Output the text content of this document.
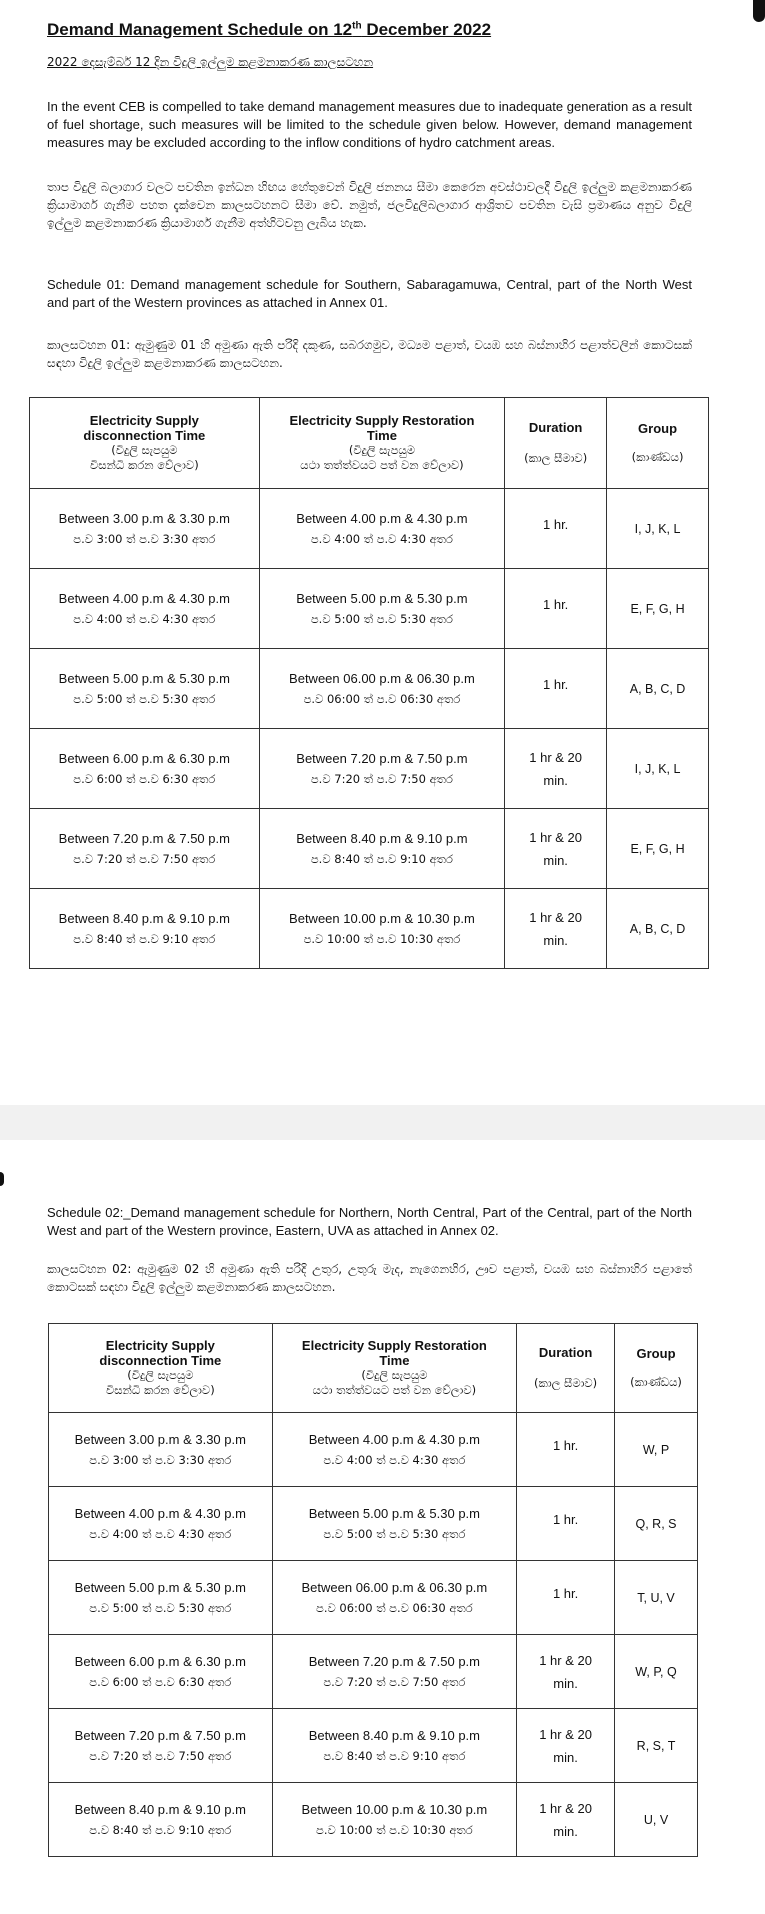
Demand Management Schedule on 12th December 2022
2022 දෙසැම්බර් 12 දින විදුලි ඉල්ලුම කළමනාකරණ කාලසටහන
In the event CEB is compelled to take demand management measures due to inadequate generation as a result of fuel shortage, such measures will be limited to the schedule given below. However, demand management measures may be excluded according to the inflow conditions of hydro catchment areas.
තාප විදුලි බලාගාර වලට පවතින ඉන්ධන හිඟය හේතුවෙන් විදුලි ජනනය සීමා කෙරෙන අවස්ථාවලදී විදුලි ඉල්ලුම කළමනාකරණ ක්‍රියාමාර්ග ගැනීම පහත දැක්වෙන කාලසටහනට සීමා වේ. නමුත්, ජලවිදුලිබලාගාර ආශ්‍රිතව පවතින වැසි ප්‍රමාණය අනුව විදුලි ඉල්ලුම කළමනාකරණ ක්‍රියාමාර්ග ගැනීම අත්හිටවනු ලැබිය හැක.
Schedule 01: Demand management schedule for Southern, Sabaragamuwa, Central, part of the North West and part of the Western provinces as attached in Annex 01.
කාලසටහන 01: ඇමුණුම 01 හි අමුණා ඇති පරිදි දකුණ, සබරගමුව, මධ්‍යම පළාත්, වයඹ සහ බස්නාහිර පළාත්වලින් කොටසක් සඳහා විදුලි ඉල්ලුම කළමනාකරණ කාලසටහන.
Electricity Supply
disconnection Time
(විදුලි සැපයුම
විසන්ධි කරන වේලාව)	Electricity Supply Restoration
Time
(විදුලි සැපයුම
යථා තත්ත්වයට පත් වන වේලාව)	Duration
(කාල සීමාව)	Group
(කාණ්ඩය)

Between 3.00 p.m & 3.30 p.m
ප.ව 3:00 ත් ප.ව 3:30 අතර	Between 4.00 p.m & 4.30 p.m
ප.ව 4:00 ත් ප.ව 4:30 අතර	1 hr.	I, J, K, L

Between 4.00 p.m & 4.30 p.m
ප.ව 4:00 ත් ප.ව 4:30 අතර	Between 5.00 p.m & 5.30 p.m
ප.ව 5:00 ත් ප.ව 5:30 අතර	1 hr.	E, F, G, H

Between 5.00 p.m & 5.30 p.m
ප.ව 5:00 ත් ප.ව 5:30 අතර	Between 06.00 p.m & 06.30 p.m
ප.ව 06:00 ත් ප.ව 06:30 අතර	1 hr.	A, B, C, D

Between 6.00 p.m & 6.30 p.m
ප.ව 6:00 ත් ප.ව 6:30 අතර	Between 7.20 p.m & 7.50 p.m
ප.ව 7:20 ත් ප.ව 7:50 අතර	1 hr & 20
min.	I, J, K, L

Between 7.20 p.m & 7.50 p.m
ප.ව 7:20 ත් ප.ව 7:50 අතර	Between 8.40 p.m & 9.10 p.m
ප.ව 8:40 ත් ප.ව 9:10 අතර	1 hr & 20
min.	E, F, G, H

Between 8.40 p.m & 9.10 p.m
ප.ව 8:40 ත් ප.ව 9:10 අතර	Between 10.00 p.m & 10.30 p.m
ප.ව 10:00 ත් ප.ව 10:30 අතර	1 hr & 20
min.	A, B, C, D
Schedule 02:_Demand management schedule for Northern, North Central, Part of the Central, part of the North West and part of the Western province, Eastern, UVA as attached in Annex 02.
කාලසටහන 02: ඇමුණුම 02 හි අමුණා ඇති පරිදි උතුර, උතුරු මැද, නැගෙනහිර, ඌව පළාත්, වයඹ සහ බස්නාහිර පළාතේ කොටසක් සඳහා විදුලි ඉල්ලුම කළමනාකරණ කාලසටහන.
Electricity Supply
disconnection Time
(විදුලි සැපයුම
විසන්ධි කරන වේලාව)	Electricity Supply Restoration
Time
(විදුලි සැපයුම
යථා තත්ත්වයට පත් වන වේලාව)	Duration
(කාල සීමාව)	Group
(කාණ්ඩය)

Between 3.00 p.m & 3.30 p.m
ප.ව 3:00 ත් ප.ව 3:30 අතර	Between 4.00 p.m & 4.30 p.m
ප.ව 4:00 ත් ප.ව 4:30 අතර	1 hr.	W, P

Between 4.00 p.m & 4.30 p.m
ප.ව 4:00 ත් ප.ව 4:30 අතර	Between 5.00 p.m & 5.30 p.m
ප.ව 5:00 ත් ප.ව 5:30 අතර	1 hr.	Q, R, S

Between 5.00 p.m & 5.30 p.m
ප.ව 5:00 ත් ප.ව 5:30 අතර	Between 06.00 p.m & 06.30 p.m
ප.ව 06:00 ත් ප.ව 06:30 අතර	1 hr.	T, U, V

Between 6.00 p.m & 6.30 p.m
ප.ව 6:00 ත් ප.ව 6:30 අතර	Between 7.20 p.m & 7.50 p.m
ප.ව 7:20 ත් ප.ව 7:50 අතර	1 hr & 20
min.	W, P, Q

Between 7.20 p.m & 7.50 p.m
ප.ව 7:20 ත් ප.ව 7:50 අතර	Between 8.40 p.m & 9.10 p.m
ප.ව 8:40 ත් ප.ව 9:10 අතර	1 hr & 20
min.	R, S, T

Between 8.40 p.m & 9.10 p.m
ප.ව 8:40 ත් ප.ව 9:10 අතර	Between 10.00 p.m & 10.30 p.m
ප.ව 10:00 ත් ප.ව 10:30 අතර	1 hr & 20
min.	U, V
